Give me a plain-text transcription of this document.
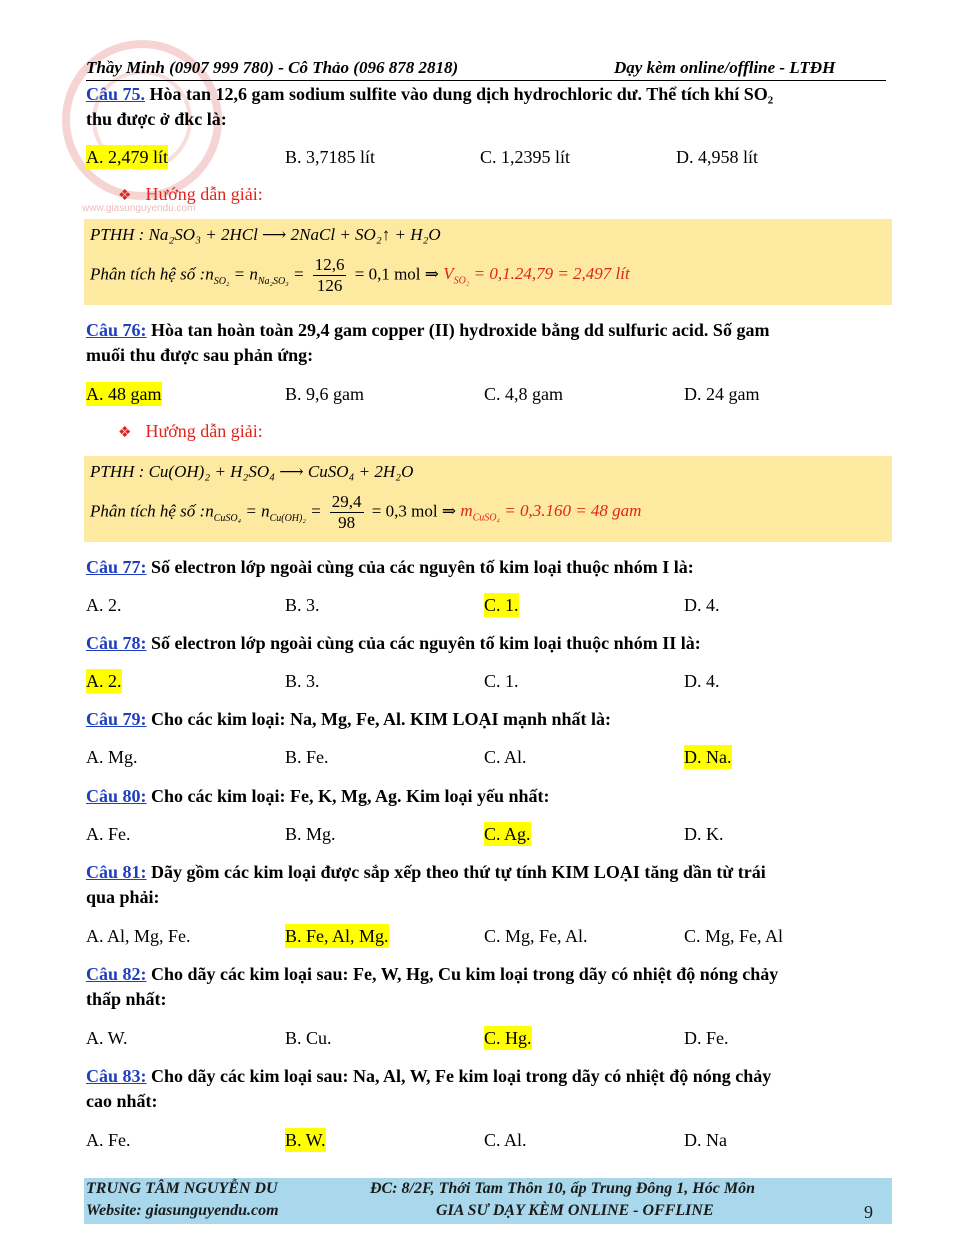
www.giasunguyendu.com
Thầy Minh (0907 999 780) - Cô Thảo (096 878 2818)	Dạy kèm online/offline - LTĐH
Câu 75. Hòa tan 12,6 gam sodium sulfite vào dung dịch hydrochloric dư. Thể tích khí SO₂
thu được ở đkc là:
A. 2,479 lít	B. 3,7185 lít	C. 1,2395 lít	D. 4,958 lít
❖ Hướng dẫn giải:
PTHH : Na₂SO₃ + 2HCl ⟶ 2NaCl + SO₂↑ + H₂O
Phân tích hệ số $:n_{SO_2} = n_{Na_2SO_3} = \frac{12,6}{126} = 0,1$ mol ⇒ $V_{SO_2} = 0,1.24,79 = 2,497$ lít
Câu 76: Hòa tan hoàn toàn 29,4 gam copper (II) hydroxide bằng dd sulfuric acid. Số gam
muối thu được sau phản ứng:
A. 48 gam	B. 9,6 gam	C. 4,8 gam	D. 24 gam
❖ Hướng dẫn giải:
PTHH : Cu(OH)₂ + H₂SO₄ ⟶ CuSO₄ + 2H₂O
Phân tích hệ số $:n_{CuSO_4} = n_{Cu(OH)_2} = \frac{29,4}{98} = 0,3$ mol ⇒ $m_{CuSO_4} = 0,3.160 = 48$ gam
Câu 77: Số electron lớp ngoài cùng của các nguyên tố kim loại thuộc nhóm I là:
A. 2.	B. 3.	C. 1.	D. 4.
Câu 78: Số electron lớp ngoài cùng của các nguyên tố kim loại thuộc nhóm II là:
A. 2.	B. 3.	C. 1.	D. 4.
Câu 79: Cho các kim loại: Na, Mg, Fe, Al. KIM LOẠI mạnh nhất là:
A. Mg.	B. Fe.	C. Al.	D. Na.
Câu 80: Cho các kim loại: Fe, K, Mg, Ag. Kim loại yếu nhất:
A. Fe.	B. Mg.	C. Ag.	D. K.
Câu 81: Dãy gồm các kim loại được sắp xếp theo thứ tự tính KIM LOẠI tăng dần từ trái
qua phải:
A. Al, Mg, Fe.	B. Fe, Al, Mg.	C. Mg, Fe, Al.	C. Mg, Fe, Al
Câu 82: Cho dãy các kim loại sau: Fe, W, Hg, Cu kim loại trong dãy có nhiệt độ nóng chảy
thấp nhất:
A. W.	B. Cu.	C. Hg.	D. Fe.
Câu 83: Cho dãy các kim loại sau: Na, Al, W, Fe kim loại trong dãy có nhiệt độ nóng chảy
cao nhất:
A. Fe.	B. W.	C. Al.	D. Na
TRUNG TÂM NGUYỄN DU	ĐC: 8/2F, Thới Tam Thôn 10, ấp Trung Đông 1, Hóc Môn
Website: giasunguyendu.com	GIA SƯ DẠY KÈM ONLINE - OFFLINE	9
